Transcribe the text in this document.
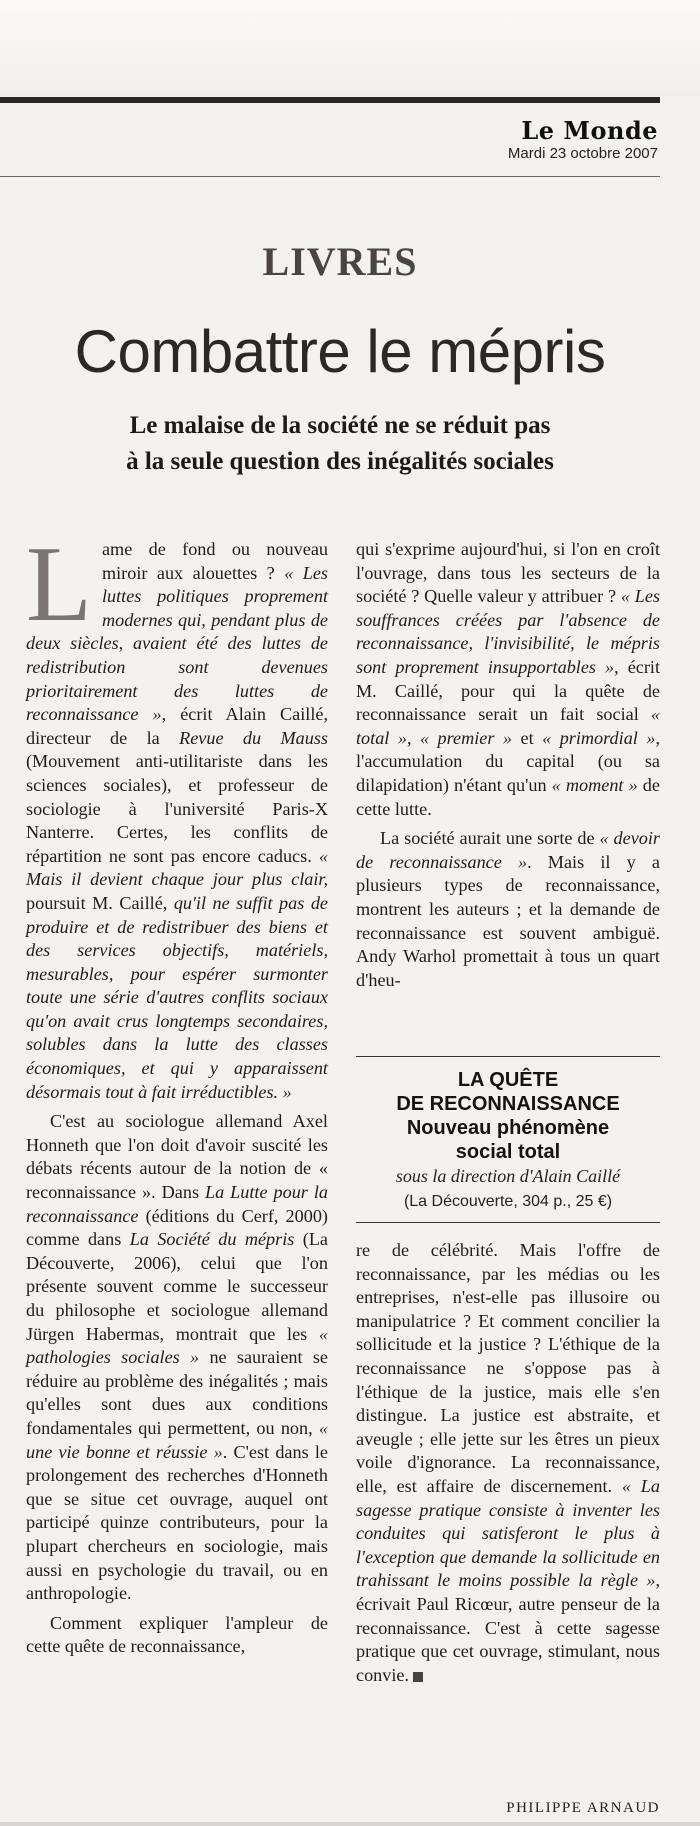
Le Monde
Mardi 23 octobre 2007
LIVRES
Combattre le mépris
Le malaise de la société ne se réduit pas
à la seule question des inégalités sociales

Lame de fond ou nouveau miroir aux alouettes ? « Les luttes politiques proprement modernes qui, pendant plus de deux siècles, avaient été des luttes de redistribution sont devenues prioritairement des luttes de reconnaissance », écrit Alain Caillé, directeur de la Revue du Mauss (Mouvement anti-utilitariste dans les sciences sociales), et professeur de sociologie à l'université Paris-X Nanterre. Certes, les conflits de répartition ne sont pas encore caducs. « Mais il devient chaque jour plus clair, poursuit M. Caillé, qu'il ne suffit pas de produire et de redistribuer des biens et des services objectifs, matériels, mesurables, pour espérer surmonter toute une série d'autres conflits sociaux qu'on avait crus longtemps secondaires, solubles dans la lutte des classes économiques, et qui y apparaissent désormais tout à fait irréductibles. »

C'est au sociologue allemand Axel Honneth que l'on doit d'avoir suscité les débats récents autour de la notion de « reconnaissance ». Dans La Lutte pour la reconnaissance (éditions du Cerf, 2000) comme dans La Société du mépris (La Découverte, 2006), celui que l'on présente souvent comme le successeur du philosophe et sociologue allemand Jürgen Habermas, montrait que les « pathologies sociales » ne sauraient se réduire au problème des inégalités ; mais qu'elles sont dues aux conditions fondamentales qui permettent, ou non, « une vie bonne et réussie ». C'est dans le prolongement des recherches d'Honneth que se situe cet ouvrage, auquel ont participé quinze contributeurs, pour la plupart chercheurs en sociologie, mais aussi en psychologie du travail, ou en anthropologie.

Comment expliquer l'ampleur de cette quête de reconnaissance,

qui s'exprime aujourd'hui, si l'on en croît l'ouvrage, dans tous les secteurs de la société ? Quelle valeur y attribuer ? « Les souffrances créées par l'absence de reconnaissance, l'invisibilité, le mépris sont proprement insupportables », écrit M. Caillé, pour qui la quête de reconnaissance serait un fait social « total », « premier » et « primordial », l'accumulation du capital (ou sa dilapidation) n'étant qu'un « moment » de cette lutte.

La société aurait une sorte de « devoir de reconnaissance ». Mais il y a plusieurs types de reconnaissance, montrent les auteurs ; et la demande de reconnaissance est souvent ambiguë. Andy Warhol promettait à tous un quart d'heu-

LA QUÊTE
DE RECONNAISSANCE
Nouveau phénomène
social total
sous la direction d'Alain Caillé
(La Découverte, 304 p., 25 €)

re de célébrité. Mais l'offre de reconnaissance, par les médias ou les entreprises, n'est-elle pas illusoire ou manipulatrice ? Et comment concilier la sollicitude et la justice ? L'éthique de la reconnaissance ne s'oppose pas à l'éthique de la justice, mais elle s'en distingue. La justice est abstraite, et aveugle ; elle jette sur les êtres un pieux voile d'ignorance. La reconnaissance, elle, est affaire de discernement. « La sagesse pratique consiste à inventer les conduites qui satisferont le plus à l'exception que demande la sollicitude en trahissant le moins possible la règle », écrivait Paul Ricœur, autre penseur de la reconnaissance. C'est à cette sagesse pratique que cet ouvrage, stimulant, nous convie.

PHILIPPE ARNAUD
